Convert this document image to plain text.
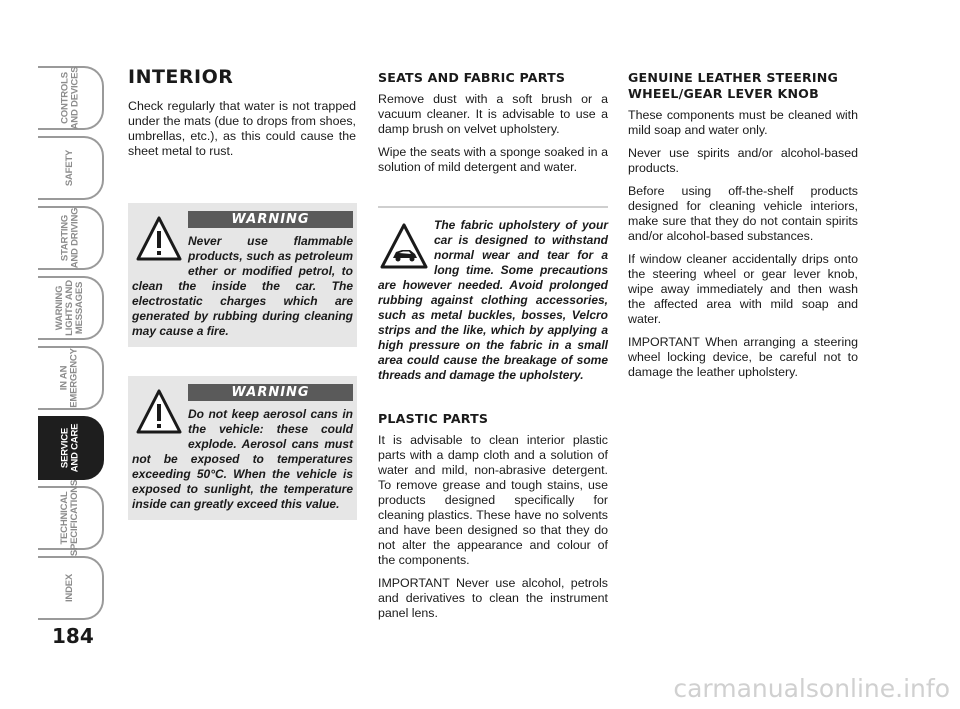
CONTROLS
AND DEVICES
SAFETY
STARTING
AND DRIVING
WARNING
LIGHTS AND
MESSAGES
IN AN
EMERGENCY
SERVICE
AND CARE
TECHNICAL
SPECIFICATIONS
INDEX
184
INTERIOR

Check regularly that water is not trapped under the mats (due to drops from shoes, umbrellas, etc.), as this could cause the sheet metal to rust.

WARNING

Never use flammable products, such as petroleum ether or modified petrol, to clean the inside the car. The electrostatic charges which are generated by rubbing during cleaning may cause a fire.

WARNING

Do not keep aerosol cans in the vehicle: these could explode. Aerosol cans must not be exposed to temperatures exceeding 50°C. When the vehicle is exposed to sunlight, the temperature inside can greatly exceed this value.

SEATS AND FABRIC PARTS

Remove dust with a soft brush or a vacuum cleaner. It is advisable to use a damp brush on velvet upholstery.

Wipe the seats with a sponge soaked in a solution of mild detergent and water.

The fabric upholstery of your car is designed to withstand normal wear and tear for a long time. Some precautions are however needed. Avoid prolonged rubbing against clothing accessories, such as metal buckles, bosses, Velcro strips and the like, which by applying a high pressure on the fabric in a small area could cause the breakage of some threads and damage the upholstery.

PLASTIC PARTS

It is advisable to clean interior plastic parts with a damp cloth and a solution of water and mild, non-abrasive detergent. To remove grease and tough stains, use products designed specifically for cleaning plastics. These have no solvents and have been designed so that they do not alter the appearance and colour of the components.

IMPORTANT Never use alcohol, petrols and derivatives to clean the instrument panel lens.

GENUINE LEATHER STEERING WHEEL/GEAR LEVER KNOB

These components must be cleaned with mild soap and water only.

Never use spirits and/or alcohol-based products.

Before using off-the-shelf products designed for cleaning vehicle interiors, make sure that they do not contain spirits and/or alcohol-based substances.

If window cleaner accidentally drips onto the steering wheel or gear lever knob, wipe away immediately and then wash the affected area with mild soap and water.

IMPORTANT When arranging a steering wheel locking device, be careful not to damage the leather upholstery.

carmanualsonline.info
